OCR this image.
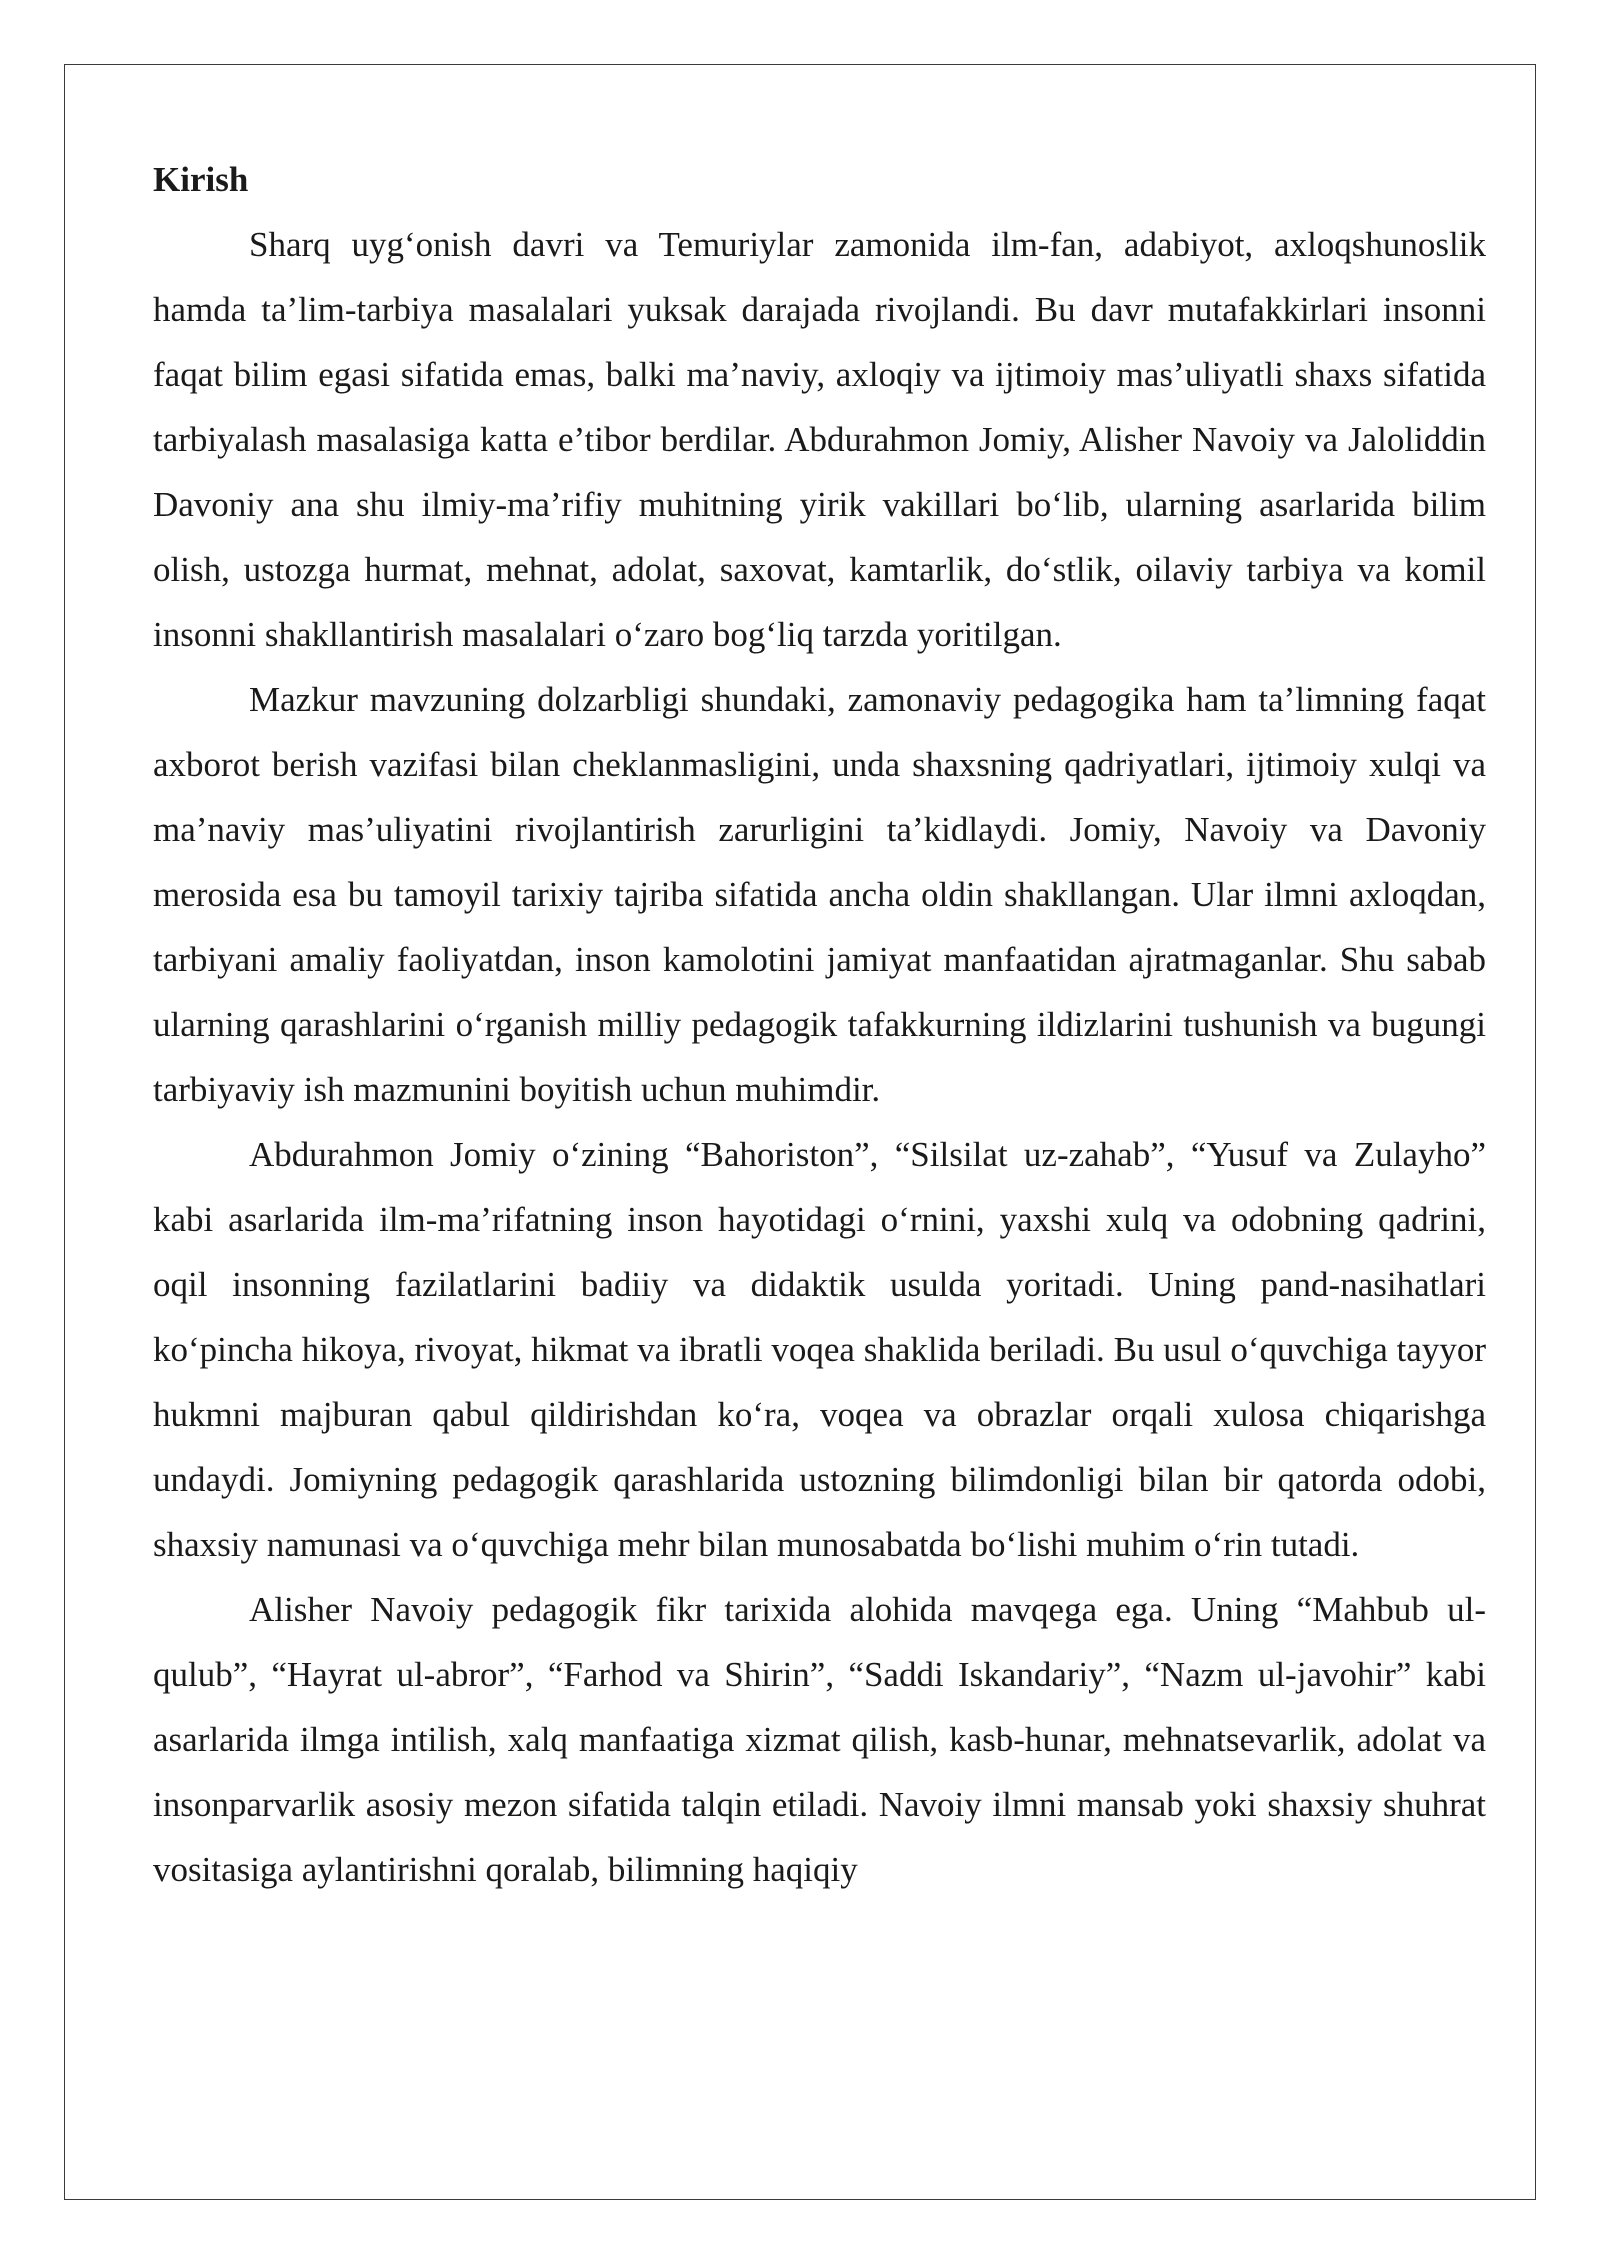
Kirish

Sharq uyg‘onish davri va Temuriylar zamonida ilm-fan, adabiyot, axloqshunoslik hamda ta’lim-tarbiya masalalari yuksak darajada rivojlandi. Bu davr mutafakkirlari insonni faqat bilim egasi sifatida emas, balki ma’naviy, axloqiy va ijtimoiy mas’uliyatli shaxs sifatida tarbiyalash masalasiga katta e’tibor berdilar. Abdurahmon Jomiy, Alisher Navoiy va Jaloliddin Davoniy ana shu ilmiy-ma’rifiy muhitning yirik vakillari bo‘lib, ularning asarlarida bilim olish, ustozga hurmat, mehnat, adolat, saxovat, kamtarlik, do‘stlik, oilaviy tarbiya va komil insonni shakllantirish masalalari o‘zaro bog‘liq tarzda yoritilgan.

Mazkur mavzuning dolzarbligi shundaki, zamonaviy pedagogika ham ta’limning faqat axborot berish vazifasi bilan cheklanmasligini, unda shaxsning qadriyatlari, ijtimoiy xulqi va ma’naviy mas’uliyatini rivojlantirish zarurligini ta’kidlaydi. Jomiy, Navoiy va Davoniy merosida esa bu tamoyil tarixiy tajriba sifatida ancha oldin shakllangan. Ular ilmni axloqdan, tarbiyani amaliy faoliyatdan, inson kamolotini jamiyat manfaatidan ajratmaganlar. Shu sabab ularning qarashlarini o‘rganish milliy pedagogik tafakkurning ildizlarini tushunish va bugungi tarbiyaviy ish mazmunini boyitish uchun muhimdir.

Abdurahmon Jomiy o‘zining “Bahoriston”, “Silsilat uz-zahab”, “Yusuf va Zulayho” kabi asarlarida ilm-ma’rifatning inson hayotidagi o‘rnini, yaxshi xulq va odobning qadrini, oqil insonning fazilatlarini badiiy va didaktik usulda yoritadi. Uning pand-nasihatlari ko‘pincha hikoya, rivoyat, hikmat va ibratli voqea shaklida beriladi. Bu usul o‘quvchiga tayyor hukmni majburan qabul qildirishdan ko‘ra, voqea va obrazlar orqali xulosa chiqarishga undaydi. Jomiyning pedagogik qarashlarida ustozning bilimdonligi bilan bir qatorda odobi, shaxsiy namunasi va o‘quvchiga mehr bilan munosabatda bo‘lishi muhim o‘rin tutadi.

Alisher Navoiy pedagogik fikr tarixida alohida mavqega ega. Uning “Mahbub ul-qulub”, “Hayrat ul-abror”, “Farhod va Shirin”, “Saddi Iskandariy”, “Nazm ul-javohir” kabi asarlarida ilmga intilish, xalq manfaatiga xizmat qilish, kasb-hunar, mehnatsevarlik, adolat va insonparvarlik asosiy mezon sifatida talqin etiladi. Navoiy ilmni mansab yoki shaxsiy shuhrat vositasiga aylantirishni qoralab, bilimning haqiqiy
